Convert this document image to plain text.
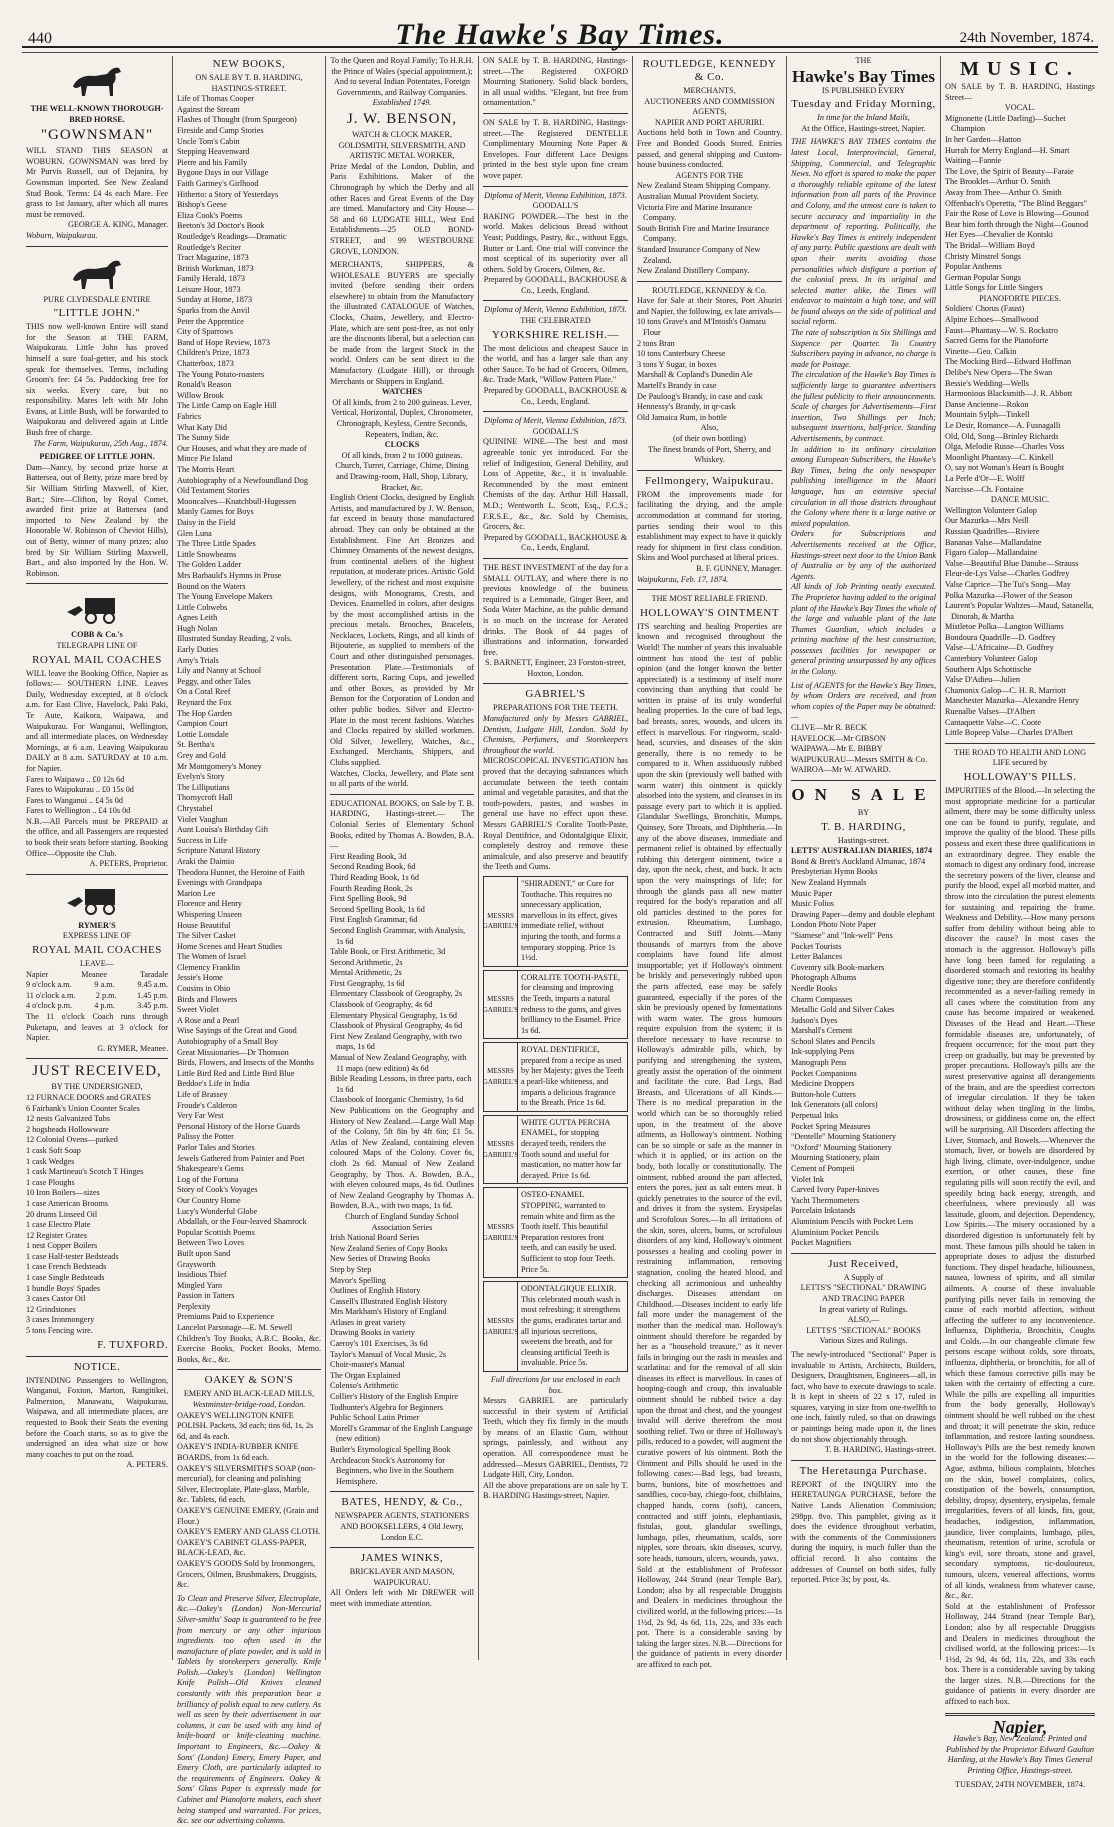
440	The Hawke's Bay Times.	24th November, 1874.
THE WELL-KNOWN THOROUGH-BRED HORSE.
"GOWNSMAN"
WILL STAND THIS SEASON at WOBURN. GOWNSMAN was bred by Mr Purvis Russell, out of Dejanira, by Gownsman imported. See New Zealand Stud Book. Terms: £4 4s each Mare. Fee grass to 1st January, after which all mares must be removed.
GEORGE A. KING, Manager.
Woburn, Waipukurau.
PURE CLYDESDALE ENTIRE
"LITTLE JOHN."
THIS now well-known Entire will stand for the Season at THE FARM, Waipukurau. Little John has proved himself a sure foal-getter, and his stock speak for themselves. Terms, including Groom's fee: £4 5s. Paddocking free for six weeks. Every care, but no responsibility. Mares left with Mr John Evans, at Little Bush, will be forwarded to Waipukurau and delivered again at Little Bush free of charge.
The Farm, Waipukurau, 25th Aug., 1874.
PEDIGREE OF LITTLE JOHN.
Dam—Nancy, by second prize horse at Battersea, out of Betty, prize mare bred by Sir William Stirling Maxwell, of Kier, Bart.; Sire—Clifton, by Royal Comet, awarded first prize at Battersea (and imported to New Zealand by the Honorable W. Robinson of Cheviot Hills), out of Betty, winner of many prizes; also bred by Sir William Stirling Maxwell, Bart., and also imported by the Hon. W. Robinson.
COBB & Co.'s
TELEGRAPH LINE OF
ROYAL MAIL COACHES
WILL leave the Booking Office, Napier as follows:— SOUTHERN LINE. Leaves Daily, Wednesday excepted, at 8 o'clock a.m. for East Clive, Havelock, Paki Paki, Te Aute, Kaikora, Waipawa, and Waipukurau. For Wanganui, Wellington, and all intermediate places, on Wednesday Mornings, at 6 a.m. Leaving Waipukurau DAILY at 8 a.m. SATURDAY at 10 a.m. for Napier.
Fares to Waipawa .. £0 12s 6d
Fares to Waipukurau .. £0 15s 0d
Fares to Wanganui .. £4 5s 0d
Fares to Wellington .. £4 10s 0d
N.B.—All Parcels must be PREPAID at the office, and all Passengers are requested to book their seats before starting. Booking Office—Opposite the Club.
A. PETERS, Proprietor.
RYMER'S
EXPRESS LINE OF
ROYAL MAIL COACHES
LEAVE—
Napier	Meanee	Taradale
9 o'clock a.m.	9 a.m.	9.45 a.m.
11 o'clock a.m. 2 p.m. 1.45 p.m.
4 o'clock p.m.	4 p.m.	3.45 p.m.
The 11 o'clock Coach runs through Puketapu, and leaves at 3 o'clock for Napier.
G. RYMER, Meanee.
JUST RECEIVED,
BY THE UNDERSIGNED,
12 FURNACE DOORS and GRATES
6 Fairbank's Union Counter Scales
12 nests Galvanized Tubs
2 hogsheads Hollowware
12 Colonial Ovens—parked
1 cask Soft Soap
1 cask Wedges
1 cask Martineau's Scotch T Hinges
1 case Ploughs
10 Iron Boilers—sizes
1 case American Brooms
20 drums Linseed Oil
1 case Electro Plate
12 Register Grates
1 nest Copper Boilers
1 case Half-tester Bedsteads
1 case French Bedsteads
1 case Single Bedsteads
1 bundle Boys' Spades
3 cases Castor Oil
12 Grindstones
3 cases Ironmongery
5 tons Fencing wire.
F. TUXFORD.
NOTICE.
INTENDING Passengers to Wellington, Wanganui, Foxton, Marton, Rangitikei, Palmerston, Manawatu, Waipukurau, Waipawa, and all intermediate places, are requested to Book their Seats the evening before the Coach starts, so as to give the undersigned an idea what size or how many coaches to put on the road.
A. PETERS.
NEW BOOKS,
ON SALE BY T. B. HARDING,
HASTINGS-STREET.
Life of Thomas Cooper
Against the Stream
Flashes of Thought (from Spurgeon)
Fireside and Camp Stories
Uncle Tom's Cabin
Stepping Heavenward
Pierre and his Family
Bygone Days in our Village
Faith Gartney's Girlhood
Hitherto: a Story of Yesterdays
Bishop's Geese
Eliza Cook's Poems
Beeton's 3d Doctor's Book
Routledge's Readings—Dramatic
Routledge's Reciter
Tract Magazine, 1873
British Workman, 1873
Family Herald, 1873
Leisure Hour, 1873
Sunday at Home, 1873
Sparks from the Anvil
Peter the Apprentice
City of Sparrows
Band of Hope Review, 1873
Children's Prize, 1873
Chatterbox, 1873
The Young Potato-roasters
Ronald's Reason
Willow Brook
The Little Camp on Eagle Hill
Fabrics
What Katy Did
The Sunny Side
Our Houses, and what they are made of
Mince Pie Island
The Morris Heart
Autobiography of a Newfoundland Dog
Old Testament Stories
Mooncalves—Knatchbull-Hugessen
Manly Games for Boys
Daisy in the Field
Glen Luna
The Three Little Spades
Little Snowbeams
The Golden Ladder
Mrs Barbauld's Hymns in Prose
Bound on the Waters
The Young Envelope Makers
Little Cobwebs
Agnes Leith
Hugh Nolan
Illustrated Sunday Reading, 2 vols.
Early Duties
Amy's Trials
Lily and Nanny at School
Peggy, and other Tales
On a Coral Reef
Reynard the Fox
The Hop Garden
Campion Court
Lottie Lonsdale
St. Bertha's
Grey and Gold
Mr Montgomery's Money
Evelyn's Story
The Lilliputians
Thornycroft Hall
Chrystabel
Violet Vaughan
Aunt Louisa's Birthday Gift
Success in Life
Scripture Natural History
Araki the Daimio
Theodora Hunnet, the Heroine of Faith
Evenings with Grandpapa
Marion Lee
Florence and Henry
Whispering Unseen
House Beautiful
The Silver Casket
Home Scenes and Heart Studies
The Women of Israel
Clemency Franklin
Jessie's Home
Cousins in Ohio
Birds and Flowers
Sweet Violet
A Rose and a Pearl
Wise Sayings of the Great and Good
Autobiography of a Small Boy
Great Missionaries—Dr Thomson
Birds, Flowers, and Insects of the Months
Little Bird Red and Little Bird Blue
Beddoe's Life in India
Life of Brassey
Froude's Calderon
Very Far West
Personal History of the Horse Guards
Palissy the Potter
Parlor Tales and Stories
Jewels Gathered from Painter and Poet
Shakespeare's Gems
Log of the Fortuna
Story of Cook's Voyages
Our Country Home
Lucy's Wonderful Globe
Abdallah, or the Four-leaved Shamrock
Popular Scottish Poems
Between Two Loves
Built upon Sand
Graysworth
Insidious Thief
Mingled Yarn
Passion in Tatters
Perplexity
Premiums Paid to Experience
Lancelot Parsonage—E. M. Sewell
Children's Toy Books, A.B.C. Books, &c. Exercise Books, Pocket Books, Memo. Books, &c., &c.
OAKEY & SON'S
EMERY AND BLACK-LEAD MILLS,
Westminster-bridge-road, London.
OAKEY'S WELLINGTON KNIFE POLISH. Packets, 3d each; tins 6d, 1s, 2s 6d, and 4s each.
OAKEY'S INDIA-RUBBER KNIFE BOARDS, from 1s 6d each.
OAKEY'S SILVERSMITH'S SOAP (non-mercurial), for cleaning and polishing Silver, Electroplate, Plate-glass, Marble, &c. Tablets, 6d each.
OAKEY'S GENUINE EMERY, (Grain and Flour.)
OAKEY'S EMERY AND GLASS CLOTH.
OAKEY'S CABINET GLASS-PAPER, BLACK-LEAD, &c.
OAKEY'S GOODS Sold by Ironmongers, Grocers, Oilmen, Brushmakers, Druggists, &c.
To Clean and Preserve Silver, Electroplate, &c.—Oakey's (London) Non-Mercurial Silver-smiths' Soap is guaranteed to be free from mercury or any other injurious ingredients too often used in the manufacture of plate powder, and is sold in Tablets by storekeepers generally. Knife Polish.—Oakey's (London) Wellington Knife Polish—Old Knives cleaned constantly with this preparation bear a brilliancy of polish equal to new cutlery. As well as seen by their advertisement in our columns, it can be used with any kind of knife-board or knife-cleaning machine. Important to Engineers, &c.—Oakey & Sons' (London) Emery, Emery Paper, and Emery Cloth, are particularly adapted to the requirements of Engineers. Oakey & Sons' Glass Paper is expressly made for Cabinet and Pianoforte makers, each sheet being stamped and warranted. For prices, &c. see our advertising columns.
To the Queen and Royal Family; To H.R.H. the Prince of Wales (special appointment.); And to several Indian Potentates, Foreign Governments, and Railway Companies.
Established 1749.
J. W. BENSON,
WATCH & CLOCK MAKER, GOLDSMITH, SILVERSMITH, AND ARTISTIC METAL WORKER,
Prize Medal of the London, Dublin, and Paris Exhibitions. Maker of the Chronograph by which the Derby and all other Races and Great Events of the Day are timed. Manufactory and City House—58 and 60 LUDGATE HILL, West End Establishments—25 OLD BOND-STREET, and 99 WESTBOURNE GROVE, LONDON.
MERCHANTS, SHIPPERS, & WHOLESALE BUYERS are specially invited (before sending their orders elsewhere) to obtain from the Manufactory the illustrated CATALOGUE of Watches, Clocks, Chains, Jewellery, and Electro-Plate, which are sent post-free, as not only are the discounts liberal, but a selection can be made from the largest Stock in the world. Orders can be sent direct to the Manufactory (Ludgate Hill), or through Merchants or Shippers in England.
WATCHES
Of all kinds, from 2 to 200 guineas. Lever, Vertical, Horizontal, Duplex, Chronometer, Chronograph, Keyless, Centre Seconds, Repeaters, Indian, &c.
CLOCKS
Of all kinds, from 2 to 1000 guineas. Church, Turret, Carriage, Chime, Dining and Drawing-room, Hall, Shop, Library, Bracket, &c.
English Orient Clocks, designed by English Artists, and manufactured by J. W. Benson, far exceed in beauty those manufactured abroad. They can only be obtained at the Establishment. Fine Art Bronzes and Chimney Ornaments of the newest designs, from continental ateliers of the highest reputation, at moderate prices. Artistic Gold Jewellery, of the richest and most exquisite designs, with Monograms, Crests, and Devices. Enamelled in colors, after designs by the most accomplished artists in the precious metals. Brooches, Bracelets, Necklaces, Lockets, Rings, and all kinds of Bijouterie, as supplied to members of the Court and other distinguished personages. Presentation Plate.—Testimonials of different sorts, Racing Cups, and jewelled and other Boxes, as provided by Mr Benson for the Corporation of London and other public bodies. Silver and Electro-Plate in the most recent fashions. Watches and Clocks repaired by skilled workmen. Old Silver, Jewellery, Watches, &c., Exchanged. Merchants, Shippers, and Clubs supplied.
Watches, Clocks, Jewellery, and Plate sent to all parts of the world.
EDUCATIONAL BOOKS, on Sale by T. B. HARDING, Hastings-street.— The Colonial Series of Elementary School Books, edited by Thomas A. Bowden, B.A.—
First Reading Book, 3d
Second Reading Book, 6d
Third Reading Book, 1s 6d
Fourth Reading Book, 2s
First Spelling Book, 9d
Second Spelling Book, 1s 6d
First English Grammar, 6d
Second English Grammar, with Analysis, 1s 6d
Table Book, or First Arithmetic, 3d
Second Arithmetic, 2s
Mental Arithmetic, 2s
First Geography, 1s 6d
Elementary Classbook of Geography, 2s
Classbook of Geography, 4s 6d
Elementary Physical Geography, 1s 6d
Classbook of Physical Geography, 4s 6d
First New Zealand Geography, with two maps, 1s 6d
Manual of New Zealand Geography, with 11 maps (new edition) 4s 6d
Bible Reading Lessons, in three parts, each 1s 6d
Classbook of Inorganic Chemistry, 1s 6d
New Publications on the Geography and History of New Zealand.—Large Wall Map of the Colony, 5ft 8in by 4ft 6in; £1 5s. Atlas of New Zealand, containing eleven coloured Maps of the Colony. Cover 6s, cloth 2s 6d. Manual of New Zealand Geography, by Thos. A. Bowden, B.A., with eleven coloured maps, 4s 6d. Outlines of New Zealand Geography by Thomas A. Bowden, B.A., with two maps, 1s 6d.
Church of England Sunday School Association Series
Irish National Board Series
New Zealand Series of Copy Books
New Series of Drawing Books
Step by Step
Mavor's Spelling
Outlines of English History
Cassell's Illustrated English History
Mrs Markham's History of England
Atlases in great variety
Drawing Books in variety
Caeroy's 101 Exercises, 3s 6d
Taylor's Manual of Vocal Music, 2s
Choir-master's Manual
The Organ Explained
Colenso's Arithmetic
Collier's History of the English Empire
Todhunter's Algebra for Beginners
Public School Latin Primer
Morell's Grammar of the English Language (new edition)
Butler's Etymological Spelling Book
Archdeacon Stock's Astronomy for Beginners, who live in the Southern Hemisphere.
BATES, HENDY, & Co.,
NEWSPAPER AGENTS, STATIONERS AND BOOKSELLERS, 4 Old Jewry, London E.C.
JAMES WINKS,
BRICKLAYER AND MASON, WAIPUKURAU.
All Orders left with Mr DREWER will meet with immediate attention.
ON SALE by T. B. HARDING, Hastings-street.—The Registered OXFORD Mourning Stationery. Solid black borders, in all usual widths. "Elegant, but free from ornamentation."
ON SALE by T. B. HARDING, Hastings-street.—The Registered DENTELLE Complimentary Mourning Note Paper & Envelopes. Four different Lace Designs printed in the best style upon fine cream wove paper.
Diploma of Merit, Vienna Exhibition, 1873.
GOODALL'S
BAKING POWDER.—The best in the world. Makes delicious Bread without Yeast; Puddings, Pastry, &c., without Eggs, Butter or Lard. One trial will convince the most sceptical of its superiority over all others. Sold by Grocers, Oilmen, &c.
Prepared by GOODALL, BACKHOUSE & Co., Leeds, England.
Diploma of Merit, Vienna Exhibition, 1873.
THE CELEBRATED
YORKSHIRE RELISH.—
The most delicious and cheapest Sauce in the world, and has a larger sale than any other Sauce. To be had of Grocers, Oilmen, &c. Trade Mark, "Willow Pattern Plate."
Prepared by GOODALL, BACKHOUSE & Co., Leeds, England.
Diploma of Merit, Vienna Exhibition, 1873.
GOODALL'S
QUININE WINE.—The best and most agreeable tonic yet introduced. For the relief of Indigestion, General Debility, and Loss of Appetite, &c., it is invaluable. Recommended by the most eminent Chemists of the day. Arthur Hill Hassall, M.D.; Wentworth L. Scott, Esq., F.C.S.; F.R.S.E., &c., &c. Sold by Chemists, Grocers, &c.
Prepared by GOODALL, BACKHOUSE & Co., Leeds, England.
THE BEST INVESTMENT of the day for a SMALL OUTLAY, and where there is no previous knowledge of the business required is a Lemonade, Ginger Beer, and Soda Water Machine, as the public demand is so much on the increase for Aerated drinks. The Book of 44 pages of illustrations and information, forwarded free.
S. BARNETT, Engineer, 23 Forston-street, Hoxton, London.
GABRIEL'S
PREPARATIONS FOR THE TEETH.
Manufactured only by Messrs GABRIEL, Dentists, Ludgate Hill, London. Sold by Chemists, Perfumers, and Storekeepers throughout the world.
MICROSCOPICAL INVESTIGATION has proved that the decaying substances which accumulate between the teeth contain animal and vegetable parasites, and that the tooth-powders, pastes, and washes in general use have no effect upon these. Messrs GABRIEL'S Coralite Tooth-Paste, Royal Dentifrice, and Odontalgique Elixir, completely destroy and remove these animalcule, and also preserve and beautify the Teeth and Gums.
MESSRS GABRIEL'S
"SHIRADENT," or Cure for Toothache. This requires no unnecessary application, marvellous in its effect, gives immediate relief, without injuring the tooth, and forms a temporary stopping. Price 1s 1½d.
MESSRS GABRIEL'S
CORALITE TOOTH-PASTE, for cleansing and improving the Teeth, imparts a natural redness to the gums, and gives brilliancy to the Enamel. Price 1s 6d.
MESSRS GABRIEL'S
ROYAL DENTIFRICE, prepared from a recipe as used by her Majesty; gives the Teeth a pearl-like whiteness, and imparts a delicious fragrance to the Breath. Price 1s 6d.
MESSRS GABRIEL'S
WHITE GUTTA PERCHA ENAMEL, for stopping decayed teeth, renders the Tooth sound and useful for mastication, no matter how far decayed. Price 1s 6d.
MESSRS GABRIEL'S
OSTEO-ENAMEL STOPPING, warranted to remain white and firm as the Tooth itself. This beautiful Preparation restores front teeth, and can easily be used. Sufficient to stop four Teeth. Price 5s.
MESSRS GABRIEL'S
ODONTALGIQUE ELIXIR. This celebrated mouth wash is most refreshing; it strengthens the gums, eradicates tartar and all injurious secretions, sweetens the breath, and for cleansing artificial Teeth is invaluable. Price 5s.
Full directions for use enclosed in each box.
Messrs GABRIEL are particularly successful in their system of Artificial Teeth, which they fix firmly in the mouth by means of an Elastic Gum, without springs, painlessly, and without any operation. All correspondence must be addressed—Messrs GABRIEL, Dentists, 72 Ludgate Hill, City, London.
All the above preparations are on sale by T. B. HARDING Hastings-street, Napier.
ROUTLEDGE, KENNEDY & Co.
MERCHANTS,
AUCTIONEERS AND COMMISSION AGENTS,
NAPIER AND PORT AHURIRI.
Auctions held both in Town and Country. Free and Bonded Goods Stored. Entries passed, and general shipping and Custom-house business conducted.
AGENTS FOR THE
New Zealand Steam Shipping Company.
Australian Mutual Provident Society.
Victoria Fire and Marine Insurance Company.
South British Fire and Marine Insurance Company.
Standard Insurance Company of New Zealand.
New Zealand Distillery Company.
ROUTLEDGE, KENNEDY & Co.
Have for Sale at their Stores, Port Ahuriri and Napier, the following, ex late arrivals—
10 tons Grave's and M'Intosh's Oamaru Flour
2 tons Bran
10 tons Canterbury Cheese
3 tons Y Sugar, in boxes
Marshall & Copland's Dunedin Ale
Martell's Brandy in case
De Pauloog's Brandy, in case and cask
Hennessy's Brandy, in qr-cask
Old Jamaica Rum, in bottle
Also,
(of their own bottling)
The finest brands of Port, Sherry, and Whiskey.
Fellmongery, Waipukurau.
FROM the improvements made for facilitating the drying, and the ample accommodation at command for storing, parties sending their wool to this establishment may expect to have it quickly ready for shipment in first class condition. Skins and Wool purchased at liberal prices.
B. F. GUNNEY, Manager.
Waipukurau, Feb. 17, 1874.
THE MOST RELIABLE FRIEND.
HOLLOWAY'S OINTMENT
ITS searching and healing Properties are known and recognised throughout the World! The number of years this invaluable ointment has stood the test of public opinion (and the longer known the better appreciated) is a testimony of itself more convincing than anything that could be written in praise of its truly wonderful healing properties. In the cure of bad legs, bad breasts, sores, wounds, and ulcers its effect is marvellous. For ringworm, scald-head, scurvies, and diseases of the skin generally, there is no remedy to be compared to it. When assiduously rubbed upon the skin (previously well bathed with warm water) this ointment is quickly absorbed into the system, and cleanses in its passage every part to which it is applied. Glandular Swellings, Bronchitis, Mumps, Quinsey, Sore Throats, and Diphtheria.—In any of the above diseases, immediate and permanent relief is obtained by effectually rubbing this detergent ointment, twice a day, upon the neck, chest, and back. It acts upon the very mainsprings of life; for through the glands pass all new matter required for the body's reparation and all old particles destined to the pores for extrusion. Rheumatism, Lumbago, Contracted and Stiff Joints.—Many thousands of martyrs from the above complaints have found life almost insupportable; yet if Holloway's ointment be briskly and perseveringly rubbed upon the parts affected, ease may be safely guaranteed, especially if the pores of the skin be previously opened by fomentations with warm water. The gross humours require expulsion from the system; it is therefore necessary to have recourse to Holloway's admirable pills, which, by purifying and strengthening the system, greatly assist the operation of the ointment and facilitate the cure. Bad Legs, Bad Breasts, and Ulcerations of all Kinds.—There is no medical preparation in the world which can be so thoroughly relied upon, in the treatment of the above ailments, as Holloway's ointment. Nothing can be so simple or safe as the manner in which it is applied, or its action on the body, both locally or constitutionally. The ointment, rubbed around the part affected, enters the pores, just as salt enters meat. It quickly penetrates to the source of the evil, and drives it from the system. Erysipelas and Scrofulous Sores.—In all irritations of the skin, sores, ulcers, burns, or scrofulous disorders of any kind, Holloway's ointment possesses a healing and cooling power in restraining inflammation, removing stagnation, cooling the heated blood, and checking all acrimonious and unhealthy discharges. Diseases attendant on Childhood.—Diseases incident to early life fall more under the management of the mother than the medical man. Holloway's ointment should therefore be regarded by her as a "household treasure," as it never fails in bringing out the rash in measles and scarlatina: and for the removal of all skin diseases its effect is marvellous. In cases of hooping-cough and croup, this invaluable ointment should be rubbed twice a day upon the throat and chest, and the youngest invalid will derive therefrom the most soothing relief. Two or three of Holloway's pills, reduced to a powder, will augment the curative powers of his ointment. Both the Ointment and Pills should be used in the following cases:—Bad legs, bad breasts, burns, bunions, bite of moschettoes and sandflies, coco-bay, chiego-foot, chilblains, chapped hands, corns (soft), cancers, contracted and stiff joints, elephantiasis, fistulas, gout, glandular swellings, lumbago, piles, rheumatism, scalds, sore nipples, sore throats, skin diseases, scurvy, sore heads, tumours, ulcers, wounds, yaws.
Sold at the establishment of Professor Holloway, 244 Strand (near Temple Bar), London; also by all respectable Druggists and Dealers in medicines throughout the civilized world, at the following prices:—1s 1½d, 2s 9d, 4s 6d, 11s, 22s, and 33s each pot. There is a considerable saving by taking the larger sizes. N.B.—Directions for the guidance of patients in every disorder are affixed to each pot.
THE
Hawke's Bay Times
IS PUBLISHED EVERY
Tuesday and Friday Morning,
In time for the Inland Mails,
At the Office, Hastings-street, Napier.
THE HAWKE'S BAY TIMES contains the latest Local, Interprovincial, General, Shipping, Commercial, and Telegraphic News. No effort is spared to make the paper a thoroughly reliable epitome of the latest information from all parts of the Province and Colony, and the utmost care is taken to secure accuracy and impartiality in the department of reporting. Politically, the Hawke's Bay Times is entirely independent of any party. Public questions are dealt with upon their merits avoiding those personalities which disfigure a portion of the colonial press. In its original and selected matter alike, the Times will endeavor to maintain a high tone, and will be found always on the side of political and social reform.
The rate of subscription is Six Shillings and Sixpence per Quarter. To Country Subscribers paying in advance, no charge is made for Postage.
The circulation of the Hawke's Bay Times is sufficiently large to guarantee advertisers the fullest publicity to their announcements. Scale of charges for Advertisements—First insertion, Two Shillings per Inch; subsequent insertions, half-price. Standing Advertisements, by contract.
In addition to its ordinary circulation among European Subscribers, the Hawke's Bay Times, being the only newspaper publishing intelligence in the Maori language, has an extensive special circulation in all those districts throughout the Colony where there is a large native or mixed population.
Orders for Subscriptions and Advertisements received at the Office, Hastings-street next door to the Union Bank of Australia or by any of the authorized Agents.
All kinds of Job Printing neatly executed. The Proprietor having added to the original plant of the Hawke's Bay Times the whole of the large and valuable plant of the late Thames Guardian, which includes a printing machine of the best construction, possesses facilities for newspaper or general printing unsurpassed by any offices in the Colony.
List of AGENTS for the Hawke's Bay Times, by whom Orders are received, and from whom copies of the Paper may be obtained:—
CLIVE—Mr R. BECK
HAVELOCK—Mr GIBSON
WAIPAWA—Mr E. BIBBY
WAIPUKURAU—Messrs SMITH & Co.
WAIROA—Mr W. ATWARD.
ON SALE
BY
T. B. HARDING,
Hastings-street.
LETTS' AUSTRALIAN DIARIES, 1874
Bond & Brett's Auckland Almanac, 1874
Presbyterian Hymn Books
New Zealand Hymnals
Music Paper
Music Folios
Drawing Paper—demy and double elephant
London Photo Note Paper
"Siamese" and "Ink-well" Pens
Pocket Tourists
Letter Balances
Coventry silk Book-markers
Photograph Albums
Needle Books
Charm Compasses
Metallic Gold and Silver Cakes
Judson's Dyes
Marshall's Cement
School Slates and Pencils
Ink-supplying Pens
Manograph Pens
Pocket Companions
Medicine Droppers
Button-hole Cutters
Ink Generators (all colors)
Perpetual Inks
Pocket Spring Measures
"Dentelle" Mourning Stationery
"Oxford" Mourning Stationery
Mourning Stationery, plain
Cement of Pompeii
Violet Ink
Carved Ivory Paper-knives
Yacht Thermometers
Porcelain Inkstands
Aluminium Pencils with Pocket Lens
Aluminium Pocket Pencils
Pocket Magnifiers
Just Received,
A Supply of
LETTS'S "SECTIONAL" DRAWING AND TRACING PAPER
In great variety of Rulings.
ALSO,—
LETTS'S "SECTIONAL" BOOKS
Various Sizes and Rulings.
The newly-introduced "Sectional" Paper is invaluable to Artists, Architects, Builders, Designers, Draughtsmen, Engineers—all, in fact, who have to execute drawings to scale. It is kept in sheets of 22 x 17, ruled in squares, varying in size from one-twelfth to one inch, faintly ruled, so that on drawings or paintings being made upon it, the lines do not show objectionably through.
T. B. HARDING, Hastings-street.
The Heretaunga Purchase.
REPORT of the INQUIRY into the HERETAUNGA PURCHASE, before the Native Lands Alienation Commission; 298pp. 8vo. This pamphlet, giving as it does the evidence throughout verbatim, with the comments of the Commissioners during the inquiry, is much fuller than the official record. It also contains the addresses of Counsel on both sides, fully reported. Price 3s; by post, 4s.
MUSIC.
ON SALE by T. B. HARDING, Hastings Street—
VOCAL.
Mignonette (Little Darling)—Suchet Champion
In her Garden—Hatton
Hurrah for Merry England—H. Smart
Waiting—Fannie
The Love, the Spirit of Beauty—Faraie
The Brooklet—Arthur O. Smith
Away from Thee—Arthur O. Smith
Offenbach's Operetta, "The Blind Beggars"
Fair the Rose of Love is Blowing—Gounod
Bear him forth through the Night—Gounod
Her Eyes—Chevalier de Kontski
The Bridal—William Boyd
Christy Minstrel Songs
Popular Anthems
German Popular Songs
Little Songs for Little Singers
PIANOFORTE PIECES.
Soldiers' Chorus (Faust)
Alpine Echoes—Smallwood
Faust—Phantasy—W. S. Rockstro
Sacred Gems for the Pianoforte
Vinette—Geo. Calkin
The Mocking Bird—Edward Hoffman
Delibe's New Opera—The Swan
Bessie's Wedding—Wells
Harmonious Blacksmith—J. R. Abbott
Danse Ancienne—Rokon
Mountain Sylph—Tinkell
Le Desir, Romance—A. Fusnagalli
Old, Old, Song—Brinley Richards
Olga, Melodie Russe—Charles Voss
Moonlight Phantasy—C. Kinkell
O, say not Woman's Heart is Bought
La Perle d'Or—E. Wolff
Narcisse—Ch. Fontaine
DANCE MUSIC.
Wellington Volunteer Galop
Our Mazurka—Mrs Neill
Russian Quadrilles—Riviere
Bananas Valse—Mallandaine
Figaro Galop—Mallandaine
Valse—Beautiful Blue Danube—Strauss
Fleur-de-Lys Valse—Charles Godfrey
Valse Caprice—The Tui's Song—May
Polka Mazurka—Flower of the Season
Laurent's Popular Waltzes—Maud, Satanella, Dinorah, & Martha
Mistletoe Polka—Langton Williams
Bondoura Quadrille—D. Godfrey
Valse—L'Africaine—D. Godfrey
Canterbury Volunteer Galop
Southern Alps Schottische
Valse D'Adieu—Julien
Chamonix Galop—C. H. R. Marriott
Manchester Mazurka—Alexandre Henry
Ruenalbe Valses—D'Albert
Cantaquette Valse—C. Coote
Little Bopeep Valse—Charles D'Albert
THE ROAD TO HEALTH AND LONG LIFE secured by
HOLLOWAY'S PILLS.
IMPURITIES of the Blood.—In selecting the most appropriate medicine for a particular ailment, there may be some difficulty unless one can be found to purify, regulate, and improve the quality of the blood. These pills possess and exert these three qualifications in an extraordinary degree. They enable the stomach to digest any ordinary food, increase the secretory powers of the liver, cleanse and purify the blood, expel all morbid matter, and throw into the circulation the purest elements for sustaining and repairing the frame. Weakness and Debility.—How many persons suffer from debility without being able to discover the cause? In most cases the stomach is the aggressor. Holloway's pills have long been famed for regulating a disordered stomach and restoring its healthy digestive tone; they are therefore confidently recommended as a never-failing remedy in all cases where the constitution from any cause has become impaired or weakened. Diseases of the Head and Heart.—These formidable diseases are, unfortunately, of frequent occurrence; for the most part they creep on gradually, but may be prevented by proper precautions. Holloway's pills are the surest preservative against all derangements of the brain, and are the speediest correctors of irregular circulation. If they be taken without delay when tingling in the limbs, drowsiness, or giddiness come on, the effect will be surprising. All Disorders affecting the Liver, Stomach, and Bowels.—Whenever the stomach, liver, or bowels are disordered by high living, climate, over-indulgence, undue exertion, or other causes, these fine regulating pills will soon rectify the evil, and speedily bring back energy, strength, and cheerfulness, where previously all was lassitude, gloom, and dejection. Dependency, Low Spirits.—The misery occasioned by a disordered digestion is unfortunately felt by most. These famous pills should be taken in appropriate doses to adjust the disturbed functions. They dispel headache, biliousness, nausea, lowness of spirits, and all similar ailments. A course of these invaluable purifying pills never fails in removing the cause of each morbid affection, without affecting the sufferer to any inconvenience. Influenza, Diphtheria, Bronchitis, Coughs and Colds.—In our changeable climate few persons escape without colds, sore throats, influenza, diphtheria, or bronchitis, for all of which these famous corrective pills may be taken with the certainty of effecting a cure. While the pills are expelling all impurities from the body generally, Holloway's ointment should be well rubbed on the chest and throat; it will penetrate the skin, reduce inflammation, and restore lasting soundness. Holloway's Pills are the best remedy known in the world for the following diseases:—Ague, asthma, bilious complaints, blotches on the skin, bowel complaints, colics, constipation of the bowels, consumption, debility, dropsy, dysentery, erysipelas, female irregularities, fevers of all kinds, fits, gout, headaches, indigestion, inflammation, jaundice, liver complaints, lumbago, piles, rheumatism, retention of urine, scrofula or king's evil, sore throats, stone and gravel, secondary symptoms, tic-douloureux, tumours, ulcers, venereal affections, worms of all kinds, weakness from whatever cause, &c., &c.
Sold at the establishment of Professor Holloway, 244 Strand (near Temple Bar), London; also by all respectable Druggists and Dealers in medicines throughout the civilised world, at the following prices:—1s 1½d, 2s 9d, 4s 6d, 11s, 22s, and 33s each box. There is a considerable saving by taking the larger sizes. N.B.—Directions for the guidance of patients in every disorder are affixed to each box.
Napier,
Hawke's Bay, New Zealand: Printed and Published by the Proprietor Edward Gaulton Harding, at the Hawke's Bay Times General Printing Office, Hastings-street.
TUESDAY, 24TH NOVEMBER, 1874.
